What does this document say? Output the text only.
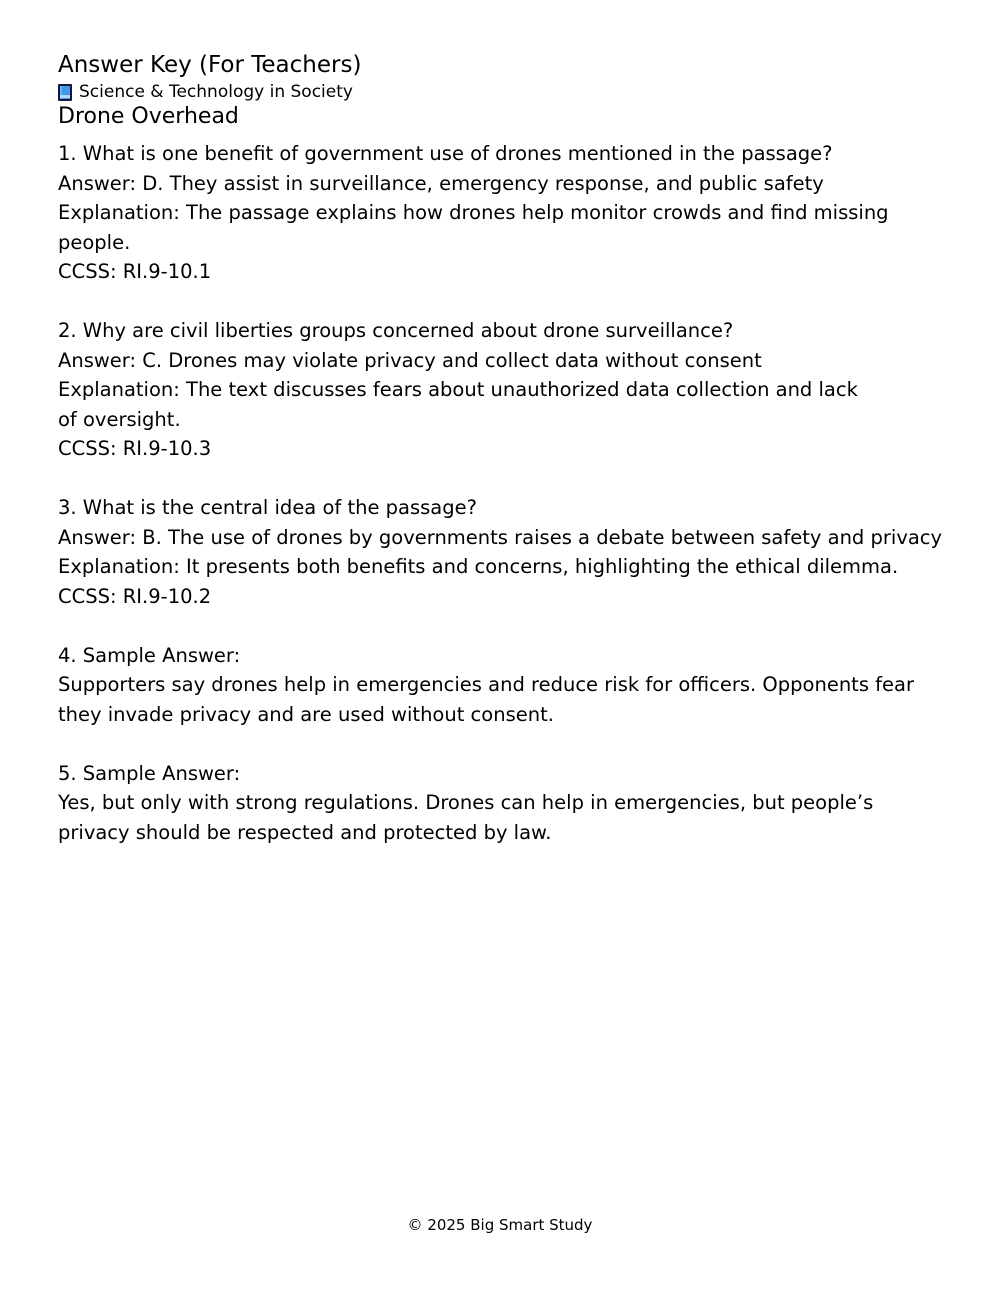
Answer Key (For Teachers)
Science & Technology in Society
Drone Overhead
1. What is one benefit of government use of drones mentioned in the passage?
Answer: D. They assist in surveillance, emergency response, and public safety
Explanation: The passage explains how drones help monitor crowds and find missing
people.
CCSS: RI.9-10.1
2. Why are civil liberties groups concerned about drone surveillance?
Answer: C. Drones may violate privacy and collect data without consent
Explanation: The text discusses fears about unauthorized data collection and lack
of oversight.
CCSS: RI.9-10.3
3. What is the central idea of the passage?
Answer: B. The use of drones by governments raises a debate between safety and privacy
Explanation: It presents both benefits and concerns, highlighting the ethical dilemma.
CCSS: RI.9-10.2
4. Sample Answer:
Supporters say drones help in emergencies and reduce risk for officers. Opponents fear
they invade privacy and are used without consent.
5. Sample Answer:
Yes, but only with strong regulations. Drones can help in emergencies, but people’s
privacy should be respected and protected by law.
© 2025 Big Smart Study
